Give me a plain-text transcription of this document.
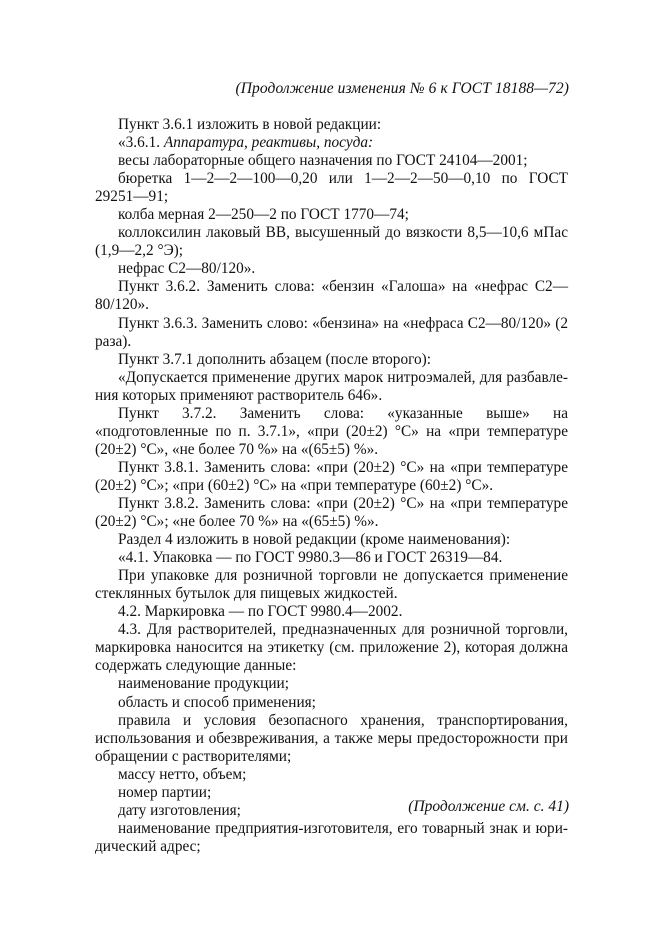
(Продолжение изменения № 6 к ГОСТ 18188—72)

Пункт 3.6.1 изложить в новой редакции:

«3.6.1. Аппаратура, реактивы, посуда:

весы лабораторные общего назначения по ГОСТ 24104—2001;

бюретка 1—2—2—100—0,20 или 1—2—2—50—0,10 по ГОСТ 29251—91;

колба мерная 2—250—2 по ГОСТ 1770—74;

коллоксилин лаковый ВВ, высушенный до вязкости 8,5—10,6 мПас (1,9—2,2 °Э);

нефрас С2—80/120».

Пункт 3.6.2. Заменить слова: «бензин «Галоша» на «нефрас С2—80/120».

Пункт 3.6.3. Заменить слово: «бензина» на «нефраса С2—80/120» (2 раза).

Пункт 3.7.1 дополнить абзацем (после второго):

«Допускается применение других марок нитроэмалей, для разбавления которых применяют растворитель 646».

Пункт 3.7.2. Заменить слова: «указанные выше» на «подготовленные по п. 3.7.1», «при (20±2) °С» на «при температуре (20±2) °С», «не более 70 %» на «(65±5) %».

Пункт 3.8.1. Заменить слова: «при (20±2) °С» на «при температуре (20±2) °С»; «при (60±2) °С» на «при температуре (60±2) °С».

Пункт 3.8.2. Заменить слова: «при (20±2) °С» на «при температуре (20±2) °С»; «не более 70 %» на «(65±5) %».

Раздел 4 изложить в новой редакции (кроме наименования):

«4.1. Упаковка — по ГОСТ 9980.3—86 и ГОСТ 26319—84.

При упаковке для розничной торговли не допускается применение стеклянных бутылок для пищевых жидкостей.

4.2. Маркировка — по ГОСТ 9980.4—2002.

4.3. Для растворителей, предназначенных для розничной торговли, маркировка наносится на этикетку (см. приложение 2), которая должна содержать следующие данные:

наименование продукции;

область и способ применения;

правила и условия безопасного хранения, транспортирования, использования и обезвреживания, а также меры предосторожности при обращении с растворителями;

массу нетто, объем;

номер партии;

дату изготовления;

наименование предприятия-изготовителя, его товарный знак и юридический адрес;

(Продолжение см. с. 41)
